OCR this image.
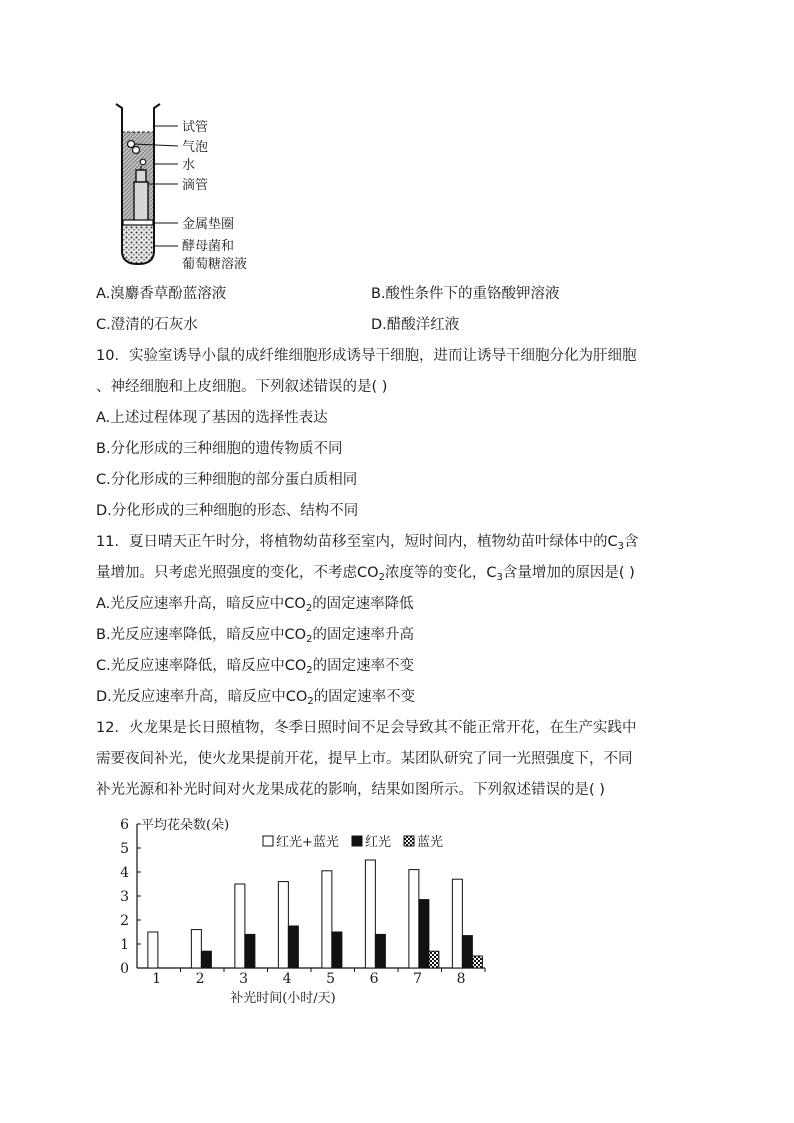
试管
气泡
水
滴管
金属垫圈
酵母菌和
葡萄糖溶液
A.溴麝香草酚蓝溶液	B.酸性条件下的重铬酸钾溶液
C.澄清的石灰水	D.醋酸洋红液
10．实验室诱导小鼠的成纤维细胞形成诱导干细胞，进而让诱导干细胞分化为肝细胞
、神经细胞和上皮细胞。下列叙述错误的是( )
A.上述过程体现了基因的选择性表达
B.分化形成的三种细胞的遗传物质不同
C.分化形成的三种细胞的部分蛋白质相同
D.分化形成的三种细胞的形态、结构不同
11．夏日晴天正午时分，将植物幼苗移至室内，短时间内，植物幼苗叶绿体中的$C_3$含
量增加。只考虑光照强度的变化，不考虑$CO_2$浓度等的变化，$C_3$含量增加的原因是( )
A.光反应速率升高，暗反应中$CO_2$的固定速率降低
B.光反应速率降低，暗反应中$CO_2$的固定速率升高
C.光反应速率降低，暗反应中$CO_2$的固定速率不变
D.光反应速率升高，暗反应中$CO_2$的固定速率不变
12．火龙果是长日照植物，冬季日照时间不足会导致其不能正常开花，在生产实践中
需要夜间补光，使火龙果提前开花，提早上市。某团队研究了同一光照强度下，不同
补光光源和补光时间对火龙果成花的影响，结果如图所示。下列叙述错误的是( )
0
1
2
3
4
5
6 平均花朵数(朵)
红光+蓝光 红光 蓝光
1 2 3 4 5 6 7 8
补光时间(小时/天)
